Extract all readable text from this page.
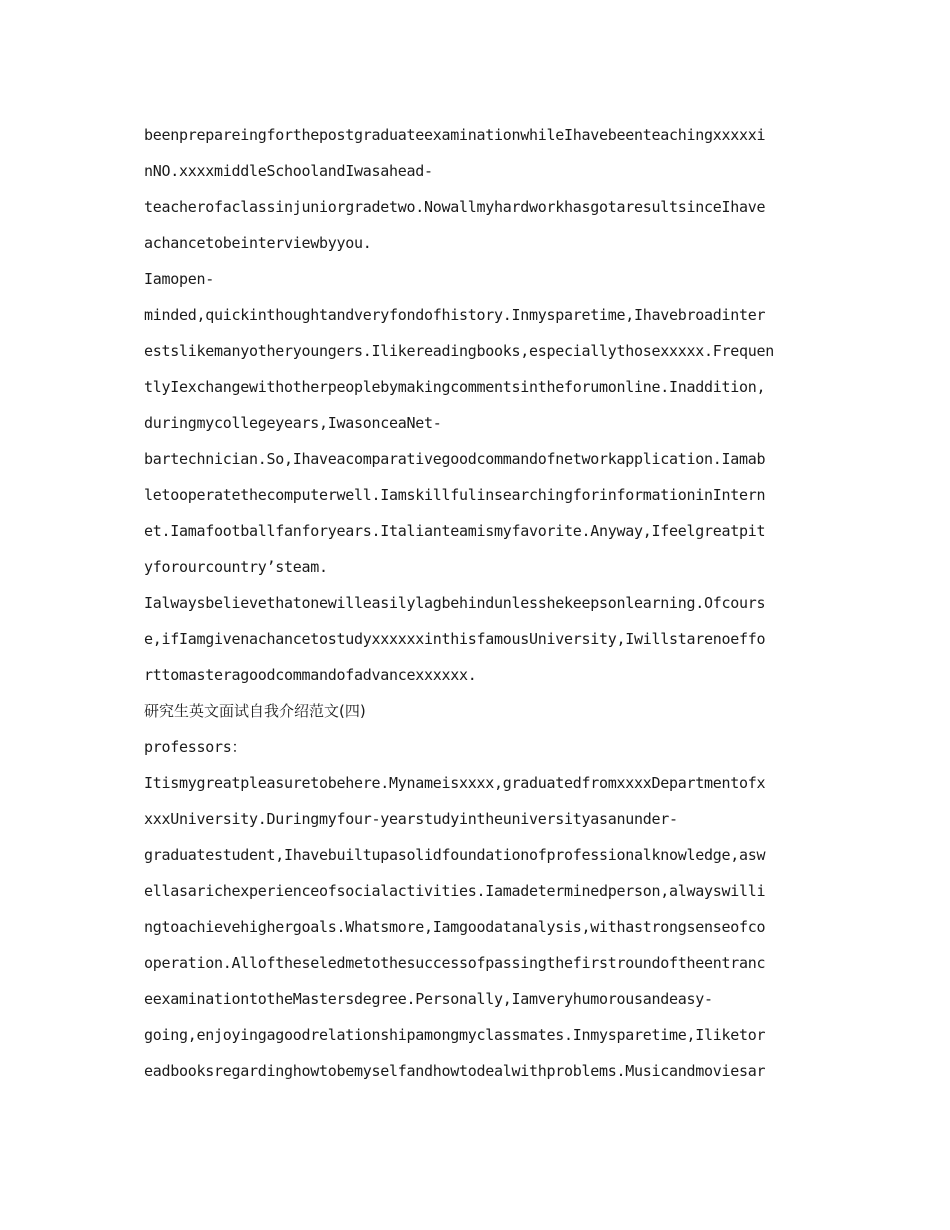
beenprepareingforthepostgraduateexaminationwhileIhavebeenteachingxxxxxi
nNO.xxxxmiddleSchoolandIwasahead-
teacherofaclassinjuniorgradetwo.NowallmyhardworkhasgotaresultsinceIhave
achancetobeinterviewbyyou.
Iamopen-
minded,quickinthoughtandveryfondofhistory.Inmysparetime,Ihavebroadinter
estslikemanyotheryoungers.Ilikereadingbooks,especiallythosexxxxx.Frequen
tlyIexchangewithotherpeoplebymakingcommentsintheforumonline.Inaddition,
duringmycollegeyears,IwasonceaNet-
bartechnician.So,Ihaveacomparativegoodcommandofnetworkapplication.Iamab
letooperatethecomputerwell.IamskillfulinsearchingforinformationinIntern
et.Iamafootballfanforyears.Italianteamismyfavorite.Anyway,Ifeelgreatpit
yforourcountry’steam.
Ialwaysbelievethatonewilleasilylagbehindunlesshekeepsonlearning.Ofcours
e,ifIamgivenachancetostudyxxxxxxinthisfamousUniversity,Iwillstarenoeffo
rttomasteragoodcommandofadvancexxxxxx.
研究生英文面试自我介绍范文(四)
professors：
Itismygreatpleasuretobehere.Mynameisxxxx,graduatedfromxxxxDepartmentofx
xxxUniversity.Duringmyfour-yearstudyintheuniversityasanunder-
graduatestudent,Ihavebuiltupasolidfoundationofprofessionalknowledge,asw
ellasarichexperienceofsocialactivities.Iamadeterminedperson,alwayswilli
ngtoachievehighergoals.Whatsmore,Iamgoodatanalysis,withastrongsenseofco
operation.Alloftheseledmetothesuccessofpassingthefirstroundoftheentranc
eexaminationtotheMastersdegree.Personally,Iamveryhumorousandeasy-
going,enjoyingagoodrelationshipamongmyclassmates.Inmysparetime,Iliketor
eadbooksregardinghowtobemyselfandhowtodealwithproblems.Musicandmoviesar
